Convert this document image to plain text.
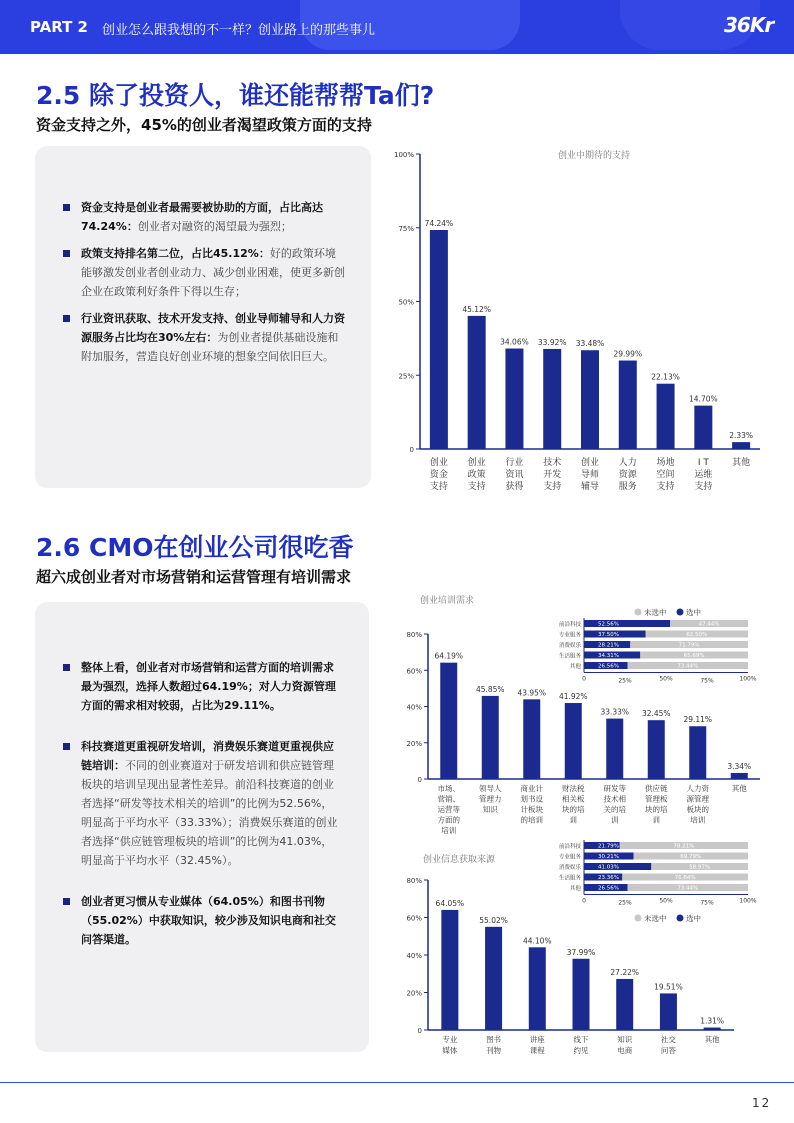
PART 2 创业怎么跟我想的不一样？创业路上的那些事儿	36Kr
2.5 除了投资人，谁还能帮帮Ta们?
资金支持之外，45%的创业者渴望政策方面的支持
资金支持是创业者最需要被协助的方面，占比高达74.24%：创业者对融资的渴望最为强烈；
政策支持排名第二位，占比45.12%：好的政策环境能够激发创业者创业动力、减少创业困难，使更多新创企业在政策利好条件下得以生存；
行业资讯获取、技术开发支持、创业导师辅导和人力资源服务占比均在30%左右：为创业者提供基础设施和附加服务，营造良好创业环境的想象空间依旧巨大。
创业中期待的支持
100%
75%
50%
25%
0
74.24%
创业
资金
支持
45.12%
创业
政策
支持
34.06%
行业
资讯
获得
33.92%
技术
开发
支持
33.48%
创业
导师
辅导
29.99%
人力
资源
服务
22.13%
场地
空间
支持
14.70%
I T
运维
支持
2.33%
其他
2.6 CMO在创业公司很吃香
超六成创业者对市场营销和运营管理有培训需求
整体上看，创业者对市场营销和运营方面的培训需求最为强烈，选择人数超过64.19%；对人力资源管理方面的需求相对较弱，占比为29.11%。
科技赛道更重视研发培训，消费娱乐赛道更重视供应链培训：不同的创业赛道对于研发培训和供应链管理板块的培训呈现出显著性差异。前沿科技赛道的创业者选择“研发等技术相关的培训”的比例为52.56%，明显高于平均水平（33.33%）；消费娱乐赛道的创业者选择“供应链管理板块的培训”的比例为41.03%，明显高于平均水平（32.45%）。
创业者更习惯从专业媒体（64.05%）和图书刊物（55.02%）中获取知识，较少涉及知识电商和社交问答渠道。
创业培训需求
80%
60%
40%
20%
0
64.19%
市场、
营销、
运营等
方面的
培训
45.85%
领导人
管理力
知识
43.95%
商业计
划书设
计板块
的培训
41.92%
财法税
相关板
块的培
训
33.33%
研发等
技术相
关的培
训
32.45%
供应链
管理板
块的培
训
29.11%
人力资
源管理
板块的
培训
3.34%
其他
未选中	选中
前沿科技	52.56%	47.44%
专业服务	37.50%	62.50%
消费娱乐	28.21%	71.79%
生活服务	34.31%	65.69%
其他	26.56%	73.44%
0	25%	50%	75%	100%
创业信息获取来源
80%
60%
40%
20%
0
64.05%
专业
媒体
55.02%
图书
刊物
44.10%
讲座
课程
37.99%
线下
约见
27.22%
知识
电商
19.51%
社交
问答
1.31%
其他
未选中	选中
前沿科技	21.79%	78.21%
专业服务	30.21%	69.79%
消费娱乐	41.03%	58.97%
生活服务	23.36%	76.64%
其他	26.56%	73.44%
0	25%	50%	75%	100%
12
